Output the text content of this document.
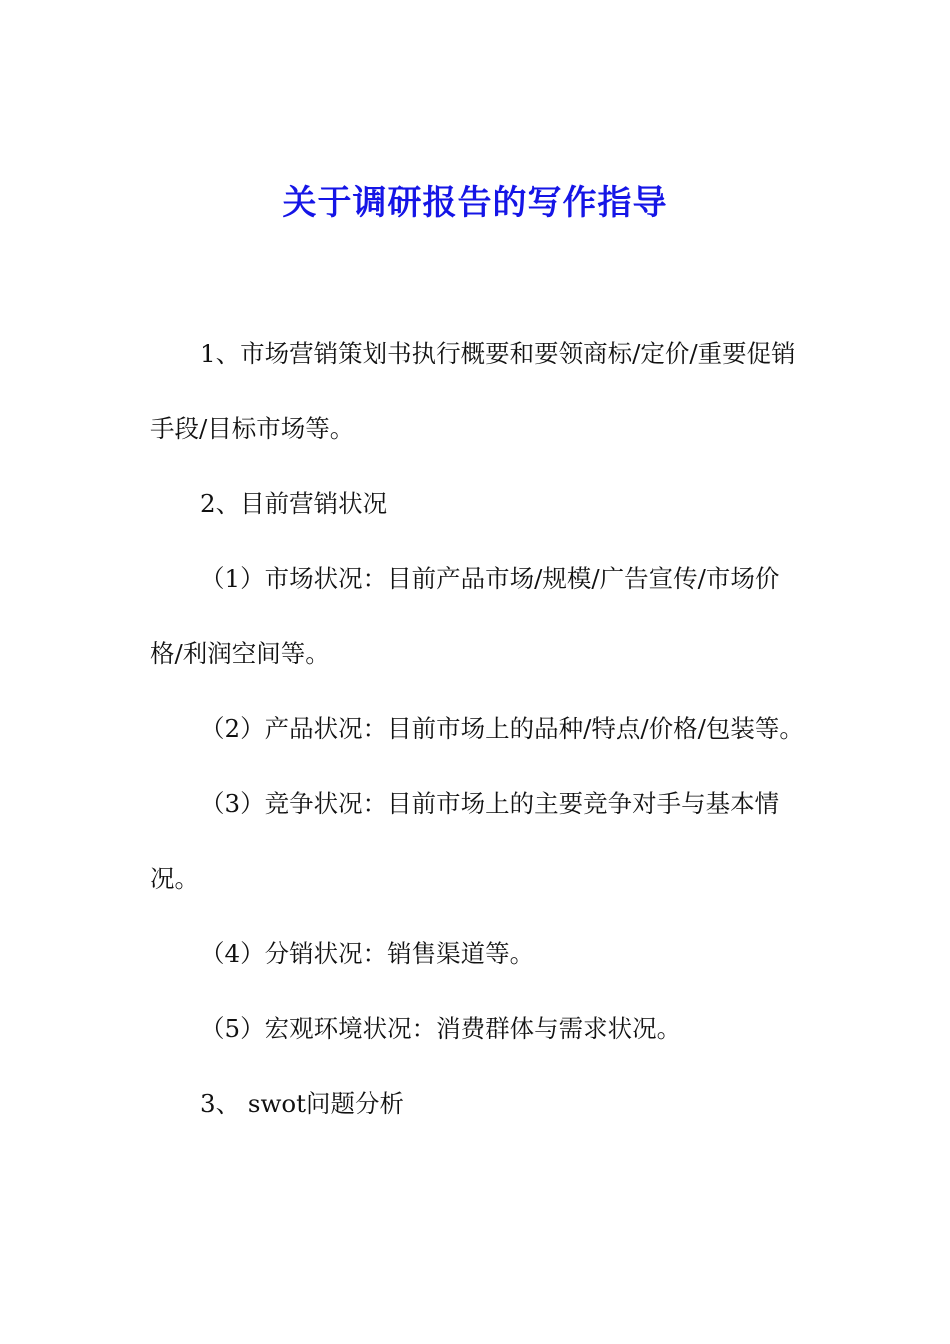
关于调研报告的写作指导

1、市场营销策划书执行概要和要领商标/定价/重要促销手段/目标市场等。

2、目前营销状况

（1）市场状况：目前产品市场/规模/广告宣传/市场价格/利润空间等。

（2）产品状况：目前市场上的品种/特点/价格/包装等。

（3）竞争状况：目前市场上的主要竞争对手与基本情况。

（4）分销状况：销售渠道等。

（5）宏观环境状况：消费群体与需求状况。

3、 swot问题分析
